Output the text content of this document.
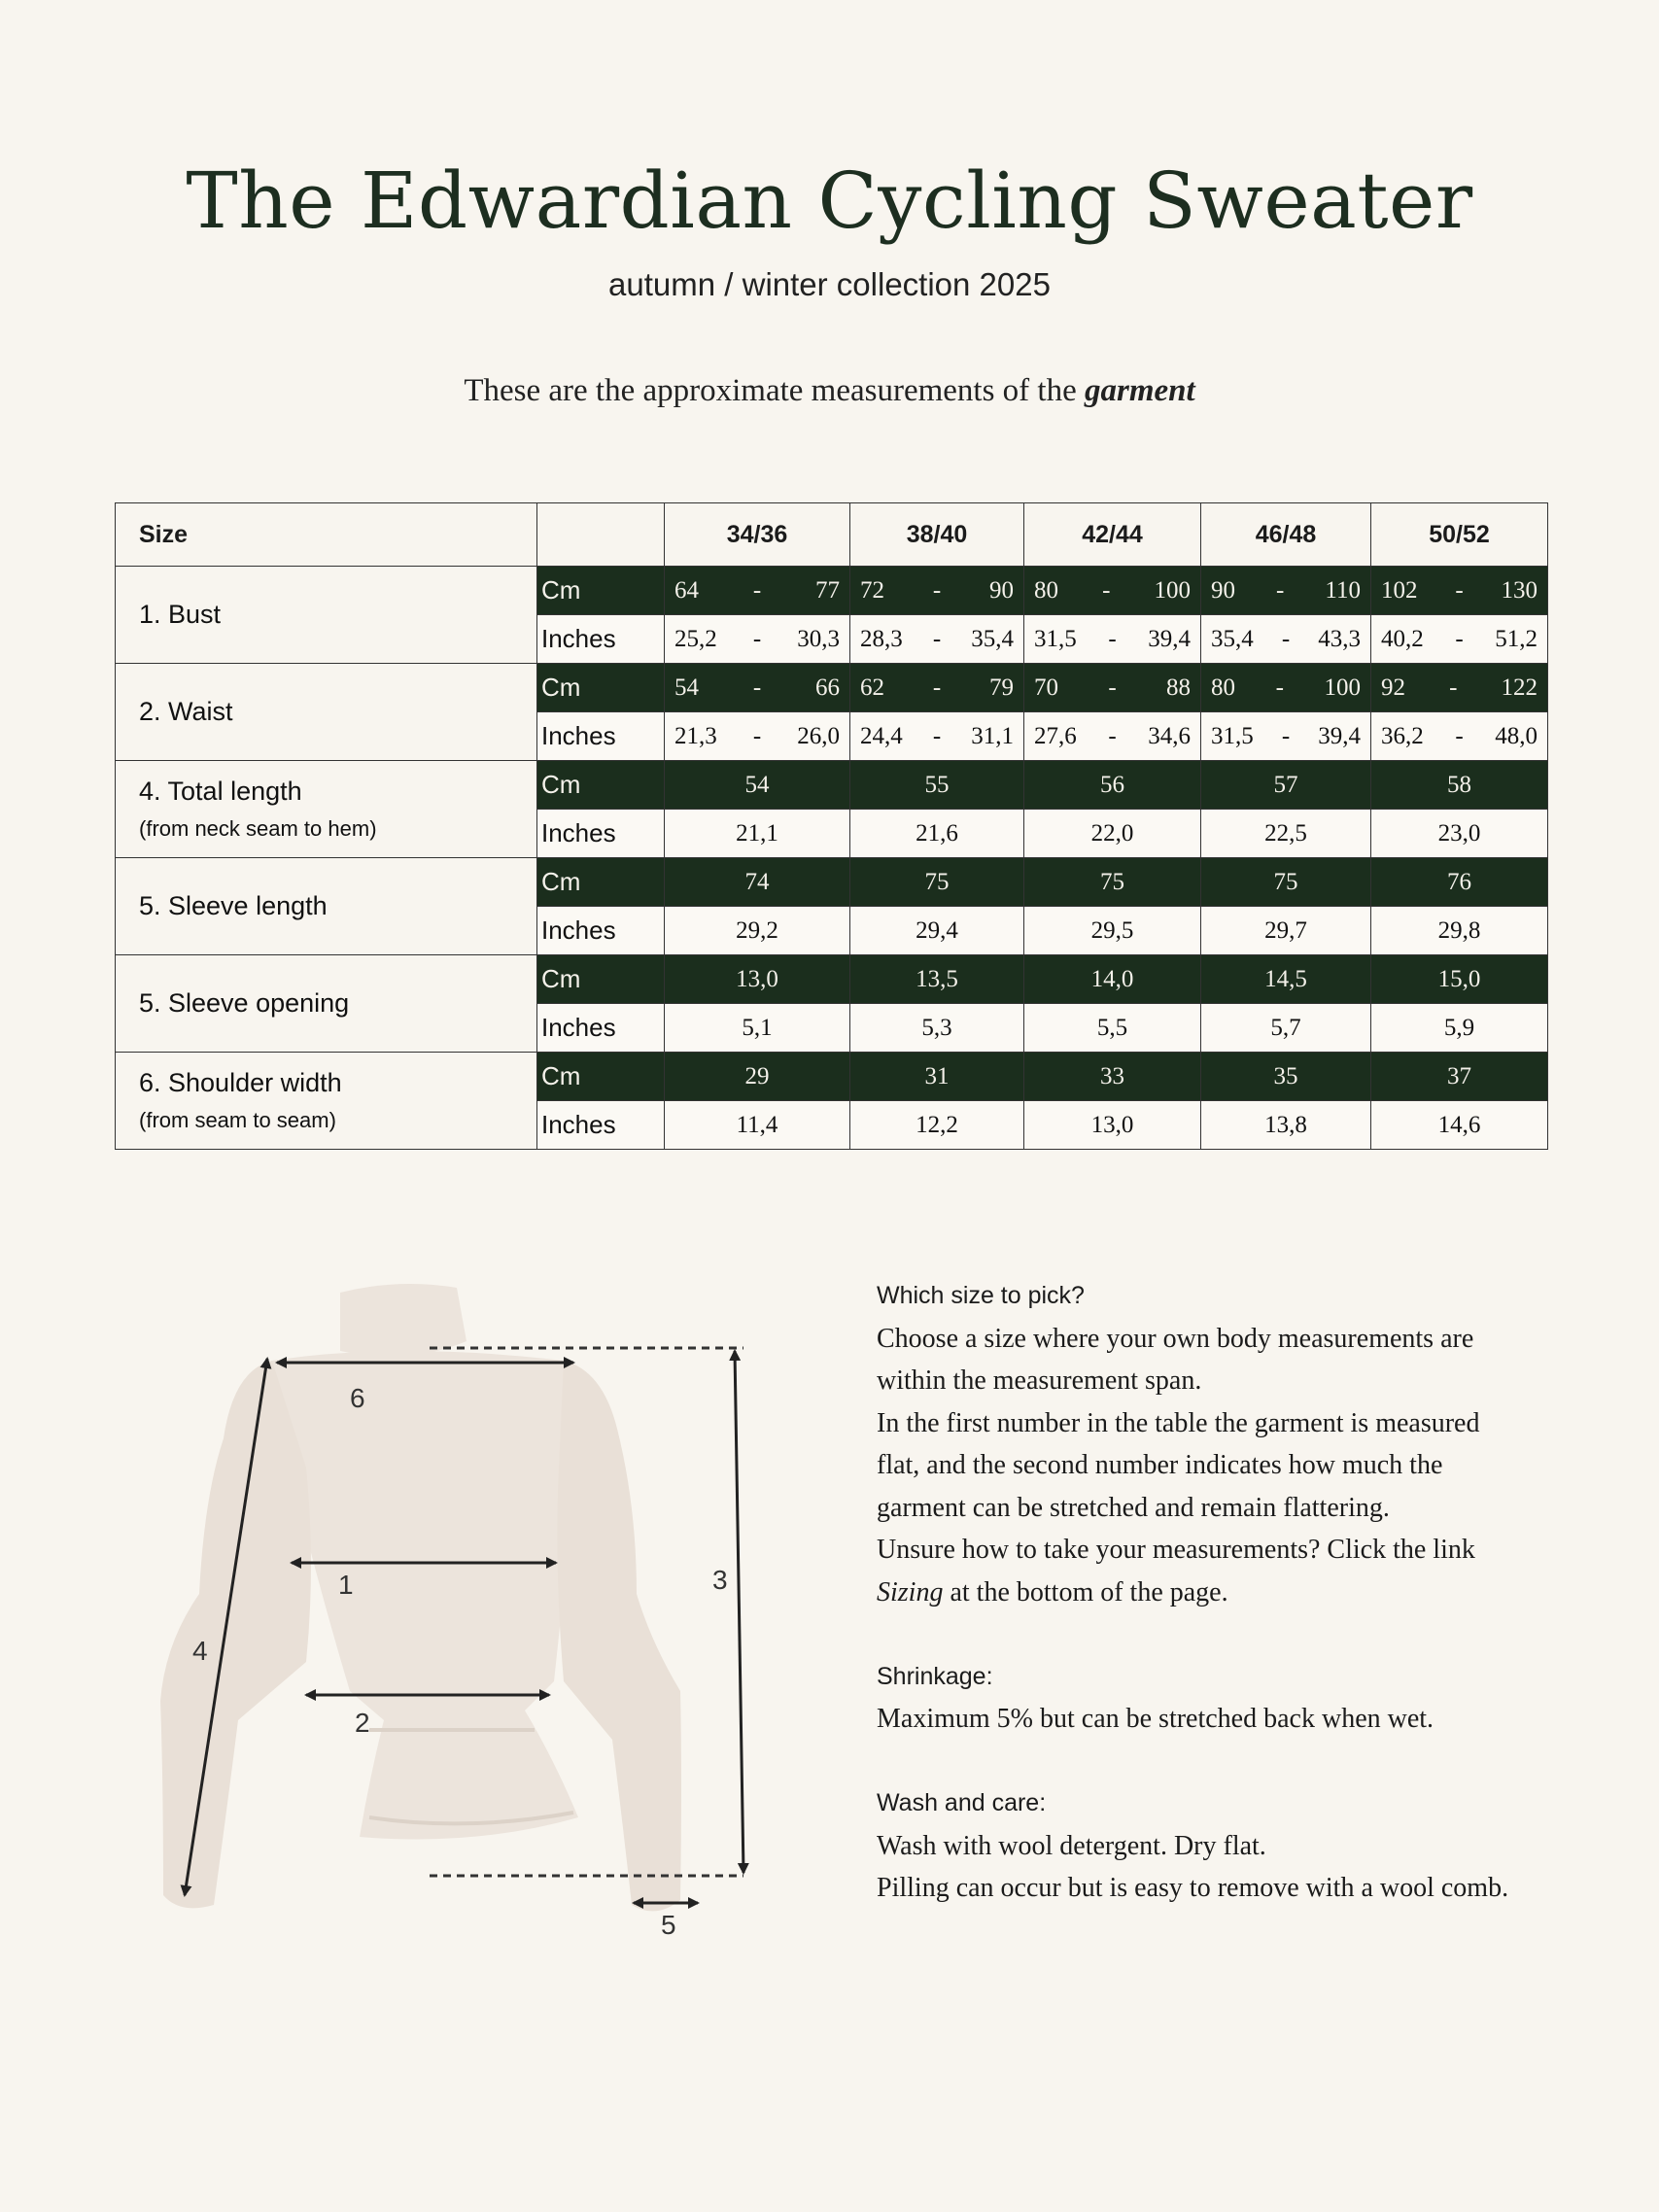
The Edwardian Cycling Sweater
autumn / winter collection 2025
These are the approximate measurements of the garment
Size		34/36	38/40	42/44	46/48	50/52

1. Bust	Cm	64 - 77	72 - 90	80 - 100	90 - 110	102 - 130

	Inches	25,2 - 30,3	28,3 - 35,4	31,5 - 39,4	35,4 - 43,3	40,2 - 51,2

2. Waist	Cm	54 - 66	62 - 79	70 - 88	80 - 100	92 - 122

	Inches	21,3 - 26,0	24,4 - 31,1	27,6 - 34,6	31,5 - 39,4	36,2 - 48,0

4. Total length
(from neck seam to hem)	Cm	54	55	56	57	58
	Inches	21,1	21,6	22,0	22,5	23,0

5. Sleeve length	Cm	74	75	75	75	76
	Inches	29,2	29,4	29,5	29,7	29,8

5. Sleeve opening	Cm	13,0	13,5	14,0	14,5	15,0
	Inches	5,1	5,3	5,5	5,7	5,9

6. Shoulder width
(from seam to seam)	Cm	29	31	33	35	37
	Inches	11,4	12,2	13,0	13,8	14,6
6
1
2
3
4
5

Which size to pick?

Choose a size where your own body measurements are

within the measurement span.

In the first number in the table the garment is measured

flat, and the second number indicates how much the

garment can be stretched and remain flattering.

Unsure how to take your measurements? Click the link

Sizing at the bottom of the page.

Shrinkage:

Maximum 5% but can be stretched back when wet.

Wash and care:

Wash with wool detergent. Dry flat.

Pilling can occur but is easy to remove with a wool comb.
